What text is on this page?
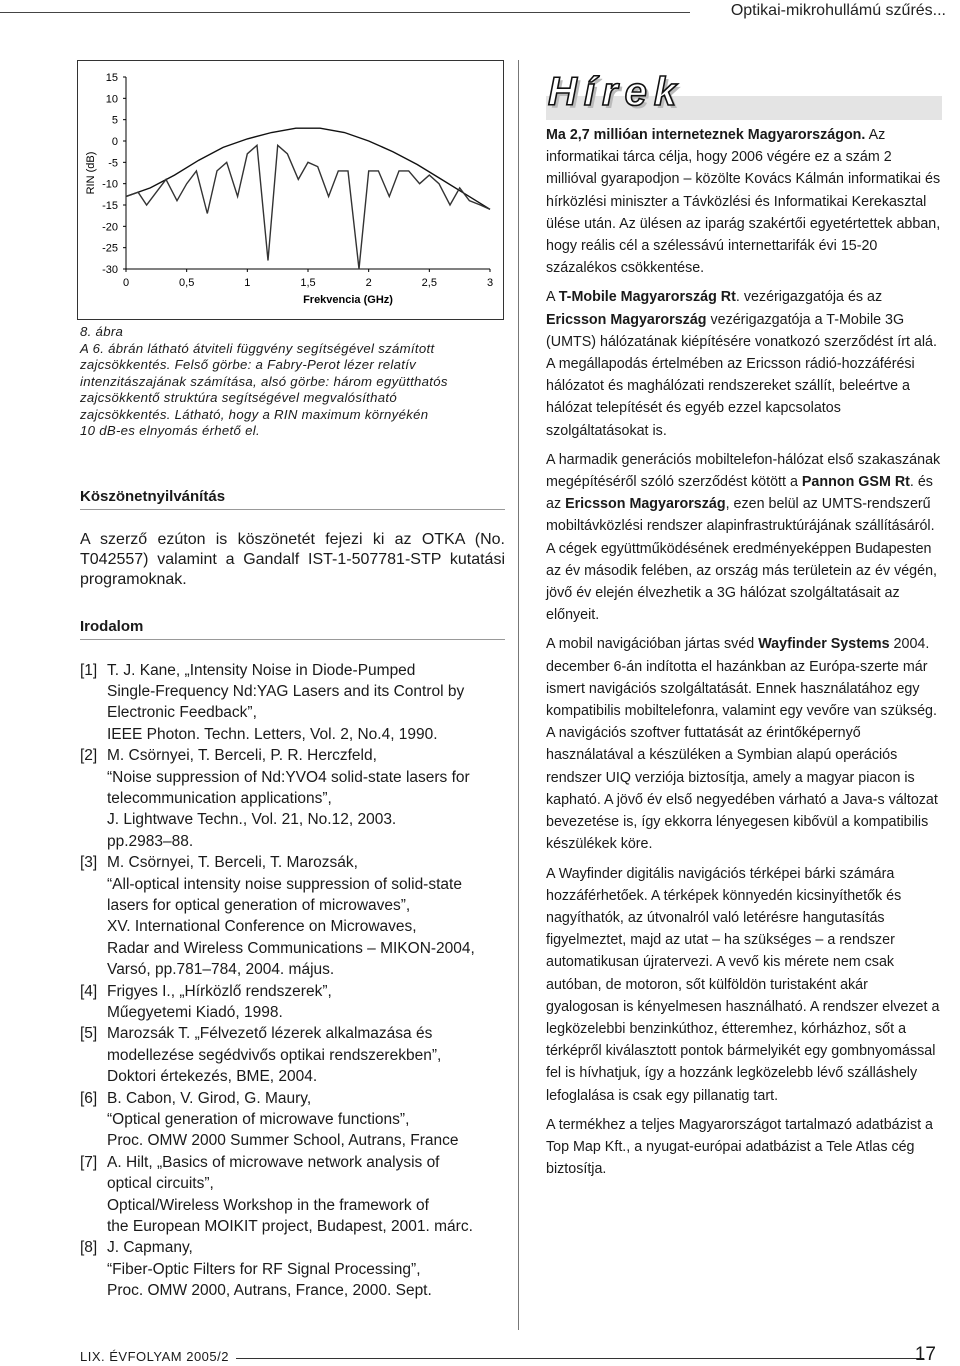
Optikai-mikrohullámú szűrés...
15
10
5
0
-5
-10
-15
-20
-25
-30
0	0,5	1	1,5	2	2,5	3
Frekvencia (GHz)
RIN (dB)

8. ábra

A 6. ábrán látható átviteli függvény segítségével számított

zajcsökkentés. Felső görbe: a Fabry-Perot lézer relatív

intenzitászajának számítása, alsó görbe: három együtthatós

zajcsökkentő struktúra segítségével megvalósítható

zajcsökkentés. Látható, hogy a RIN maximum környékén

10 dB-es elnyomás érhető el.

Köszönetnyilvánítás
A szerző ezúton is köszönetét fejezi ki az OTKA (No. T042557) valamint a Gandalf IST-1-507781-STP kutatási programoknak.
Irodalom
[1] T. J. Kane, „Intensity Noise in Diode-Pumped
Single-Frequency Nd:YAG Lasers and its Control by
Electronic Feedback”,
IEEE Photon. Techn. Letters, Vol. 2, No.4, 1990.
[2] M. Csörnyei, T. Berceli, P. R. Herczfeld,
“Noise suppression of Nd:YVO4 solid-state lasers for
telecommunication applications”,
J. Lightwave Techn., Vol. 21, No.12, 2003.
pp.2983–88.
[3] M. Csörnyei, T. Berceli, T. Marozsák,
“All-optical intensity noise suppression of solid-state
lasers for optical generation of microwaves”,
XV. International Conference on Microwaves,
Radar and Wireless Communications – MIKON-2004,
Varsó, pp.781–784, 2004. május.
[4] Frigyes I., „Hírközlő rendszerek”,
Műegyetemi Kiadó, 1998.
[5] Marozsák T. „Félvezető lézerek alkalmazása és
modellezése segédvivős optikai rendszerekben”,
Doktori értekezés, BME, 2004.
[6] B. Cabon, V. Girod, G. Maury,
“Optical generation of microwave functions”,
Proc. OMW 2000 Summer School, Autrans, France
[7] A. Hilt, „Basics of microwave network analysis of
optical circuits”,
Optical/Wireless Workshop in the framework of
the European MOIKIT project, Budapest, 2001. márc.
[8] J. Capmany,
“Fiber-Optic Filters for RF Signal Processing”,
Proc. OMW 2000, Autrans, France, 2000. Sept.
Hírek

Ma 2,7 millióan interneteznek Magyarországon. Az informatikai tárca célja, hogy 2006 végére ez a szám 2 millióval gyarapodjon – közölte Kovács Kálmán informatikai és hírközlési miniszter a Távközlési és Informatikai Kerekasztal ülése után. Az ülésen az iparág szakértői egyetértettek abban, hogy reális cél a szélessávú internettarifák évi 15-20 százalékos csökkentése.

A T-Mobile Magyarország Rt. vezérigazgatója és az Ericsson Magyarország vezérigazgatója a T-Mobile 3G (UMTS) hálózatának kiépítésére vonatkozó szerződést írt alá. A megállapodás értelmében az Ericsson rádió-hozzáférési hálózatot és maghálózati rendszereket szállít, beleértve a hálózat telepítését és egyéb ezzel kapcsolatos szolgáltatásokat is.

A harmadik generációs mobiltelefon-hálózat első szakaszának megépítéséről szóló szerződést kötött a Pannon GSM Rt. és az Ericsson Magyarország, ezen belül az UMTS-rendszerű mobiltávközlési rendszer alapinfrastruktúrájának szállításáról. A cégek együttműködésének eredményeképpen Budapesten az év második felében, az ország más területein az év végén, jövő év elején élvezhetik a 3G hálózat szolgáltatásait az előnyeit.

A mobil navigációban jártas svéd Wayfinder Systems 2004. december 6-án indította el hazánkban az Európa-szerte már ismert navigációs szolgáltatását. Ennek használatához egy kompatibilis mobiltelefonra, valamint egy vevőre van szükség. A navigációs szoftver futtatását az érintőképernyő használatával a készüléken a Symbian alapú operációs rendszer UIQ verziója biztosítja, amely a magyar piacon is kapható. A jövő év első negyedében várható a Java-s változat bevezetése is, így ekkorra lényegesen kibővül a kompatibilis készülékek köre.

A Wayfinder digitális navigációs térképei bárki számára hozzáférhetőek. A térképek könnyedén kicsinyíthetők és nagyíthatók, az útvonalról való letérésre hangutasítás figyelmeztet, majd az utat – ha szükséges – a rendszer automatikusan újratervezi. A vevő kis mérete nem csak autóban, de motoron, sőt külföldön turistaként akár gyalogosan is kényelmesen használható. A rendszer elvezet a legközelebbi benzinkúthoz, étteremhez, kórházhoz, sőt a térképről kiválasztott pontok bármelyikét egy gombnyomással fel is hívhatjuk, így a hozzánk legközelebb lévő szálláshely lefoglalása is csak egy pillanatig tart.

A termékhez a teljes Magyarországot tartalmazó adatbázist a Top Map Kft., a nyugat-európai adatbázist a Tele Atlas cég biztosítja.

LIX. ÉVFOLYAM 2005/2	17
